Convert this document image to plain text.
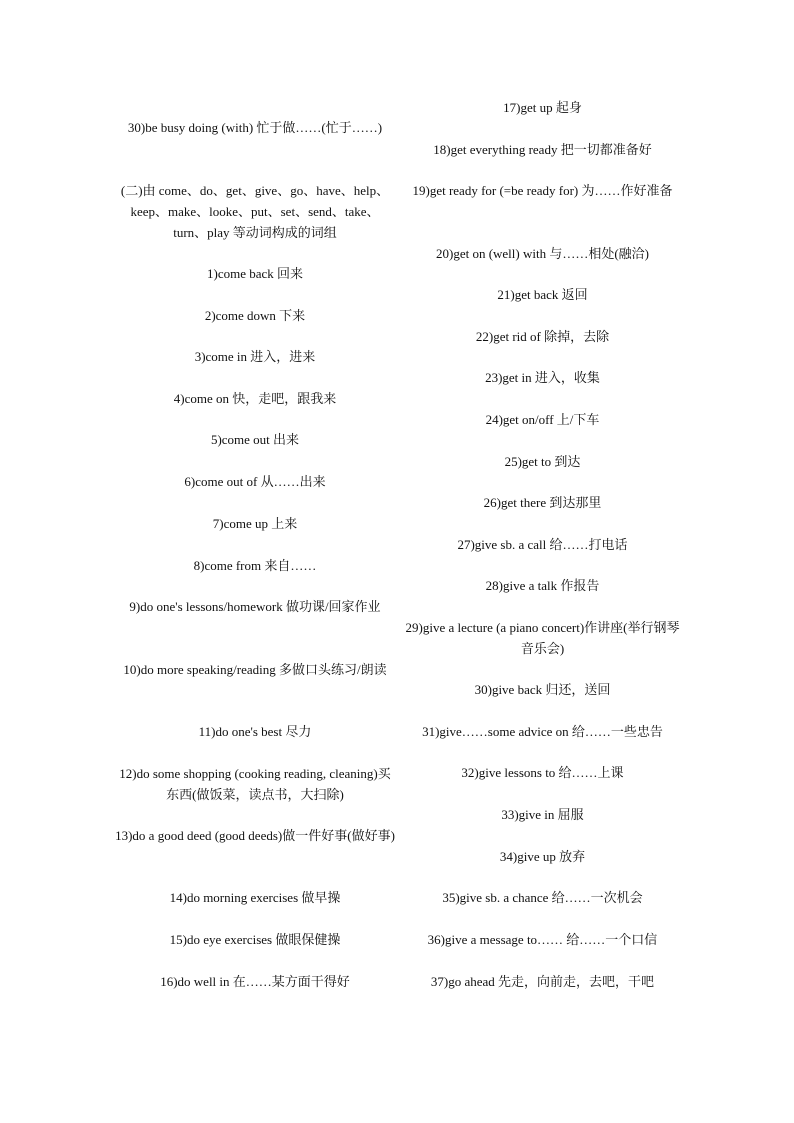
30)be busy doing (with) 忙于做……(忙于……)
(二)由 come、do、get、give、go、have、help、keep、make、looke、put、set、send、take、turn、play 等动词构成的词组
1)come back 回来
2)come down 下来
3)come in 进入，进来
4)come on 快，走吧，跟我来
5)come out 出来
6)come out of 从……出来
7)come up 上来
8)come from 来自……
9)do one's lessons/homework 做功课/回家作业
10)do more speaking/reading 多做口头练习/朗读
11)do one's best 尽力
12)do some shopping (cooking reading, cleaning)买东西(做饭菜，读点书，大扫除)
13)do a good deed (good deeds)做一件好事(做好事)
14)do morning exercises 做早操
15)do eye exercises 做眼保健操
16)do well in 在……某方面干得好
17)get up 起身
18)get everything ready 把一切都准备好
19)get ready for (=be ready for) 为……作好准备
20)get on (well) with 与……相处(融洽)
21)get back 返回
22)get rid of 除掉，去除
23)get in 进入，收集
24)get on/off 上/下车
25)get to 到达
26)get there 到达那里
27)give sb. a call 给……打电话
28)give a talk 作报告
29)give a lecture (a piano concert)作讲座(举行钢琴音乐会)
30)give back 归还，送回
31)give……some advice on 给……一些忠告
32)give lessons to 给……上课
33)give in 屈服
34)give up 放弃
35)give sb. a chance 给……一次机会
36)give a message to…… 给……一个口信
37)go ahead 先走，向前走，去吧，干吧
